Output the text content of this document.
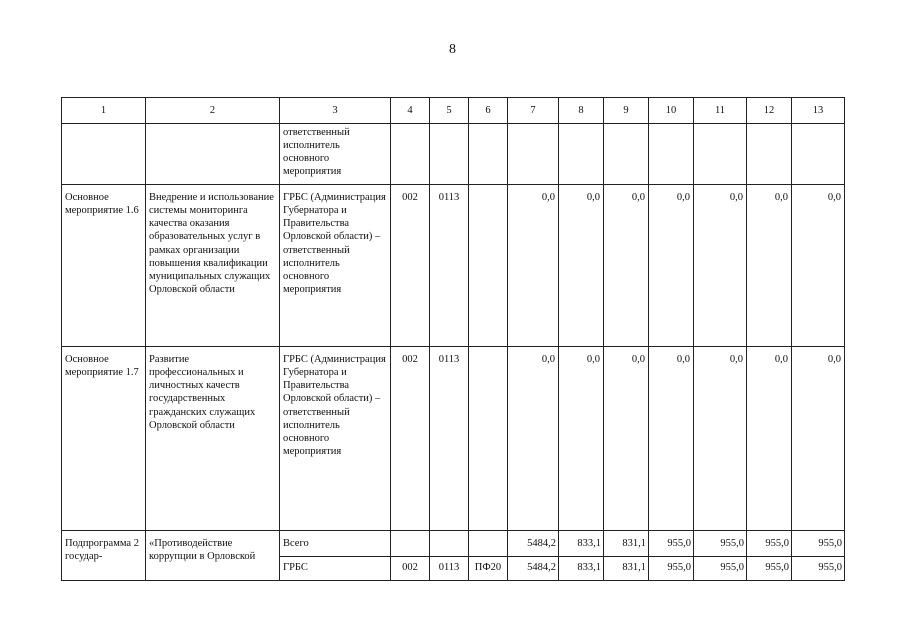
8
1	2	3	4	5	6	7	8	9	10	11	12	13
		ответственный исполнитель основного мероприятия										
Основное мероприятие 1.6	Внедрение и использование системы мониторинга качества оказания образовательных услуг в рамках организации повышения квалификации муниципальных служащих Орловской области	ГРБС (Администрация Губернатора и Правительства Орловской области) – ответственный исполнитель основного мероприятия	002	0113		0,0	0,0	0,0	0,0	0,0	0,0	0,0
Основное мероприятие 1.7	Развитие профессиональных и личностных качеств государственных гражданских служащих Орловской области	ГРБС (Администрация Губернатора и Правительства Орловской области) – ответственный исполнитель основного мероприятия	002	0113		0,0	0,0	0,0	0,0	0,0	0,0	0,0
Подпрограмма 2 государ-	«Противодействие коррупции в Орловской	Всего				5484,2	833,1	831,1	955,0	955,0	955,0	955,0
		ГРБС	002	0113	ПФ20	5484,2	833,1	831,1	955,0	955,0	955,0	955,0
